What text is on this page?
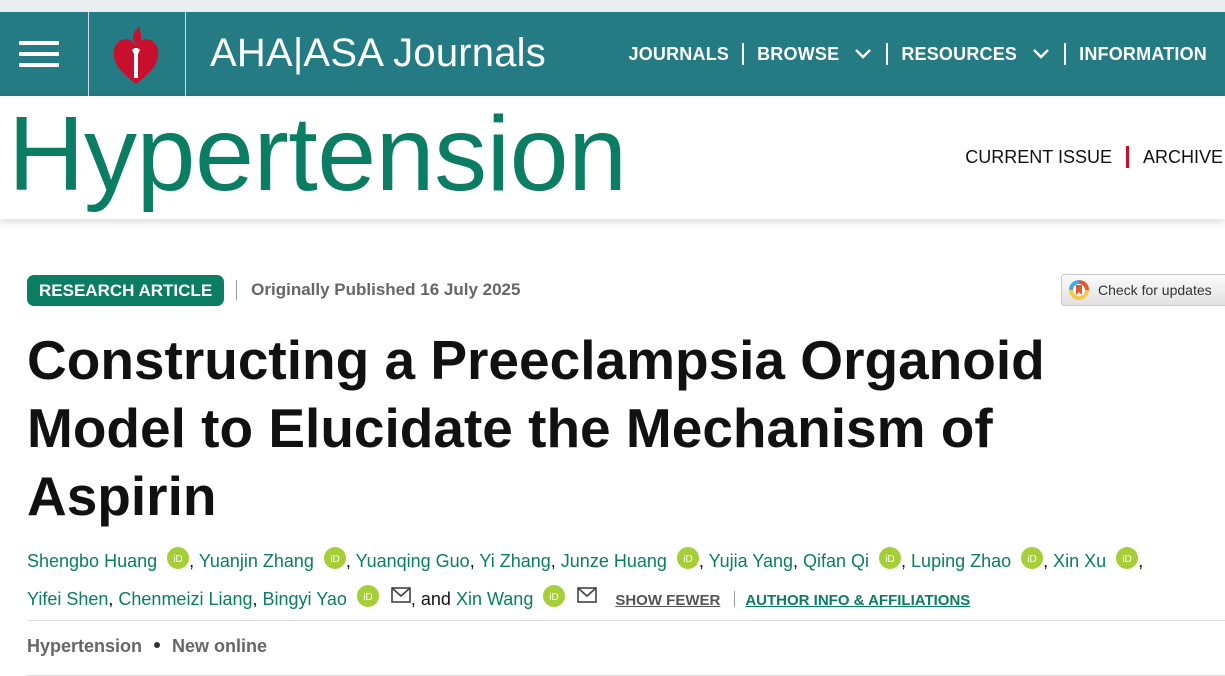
AHA|ASA Journals	JOURNALS BROWSE	RESOURCES	INFORMATION
Hypertension	CURRENT ISSUE ARCHIVE
RESEARCH ARTICLE	Originally Published 16 July 2025	Check for updates
Constructing a Preeclampsia Organoid Model to Elucidate the Mechanism of Aspirin
Shengbo Huang iD , Yuanjin Zhang iD , Yuanqing Guo, Yi Zhang, Junze Huang iD , Yujia Yang, Qifan Qi iD , Luping Zhao iD , Xin Xu iD ,
Yifei Shen, Chenmeizi Liang, Bingyi Yao iD , and Xin Wang iD	SHOW FEWER AUTHOR INFO & AFFILIATIONS
Hypertension New online
